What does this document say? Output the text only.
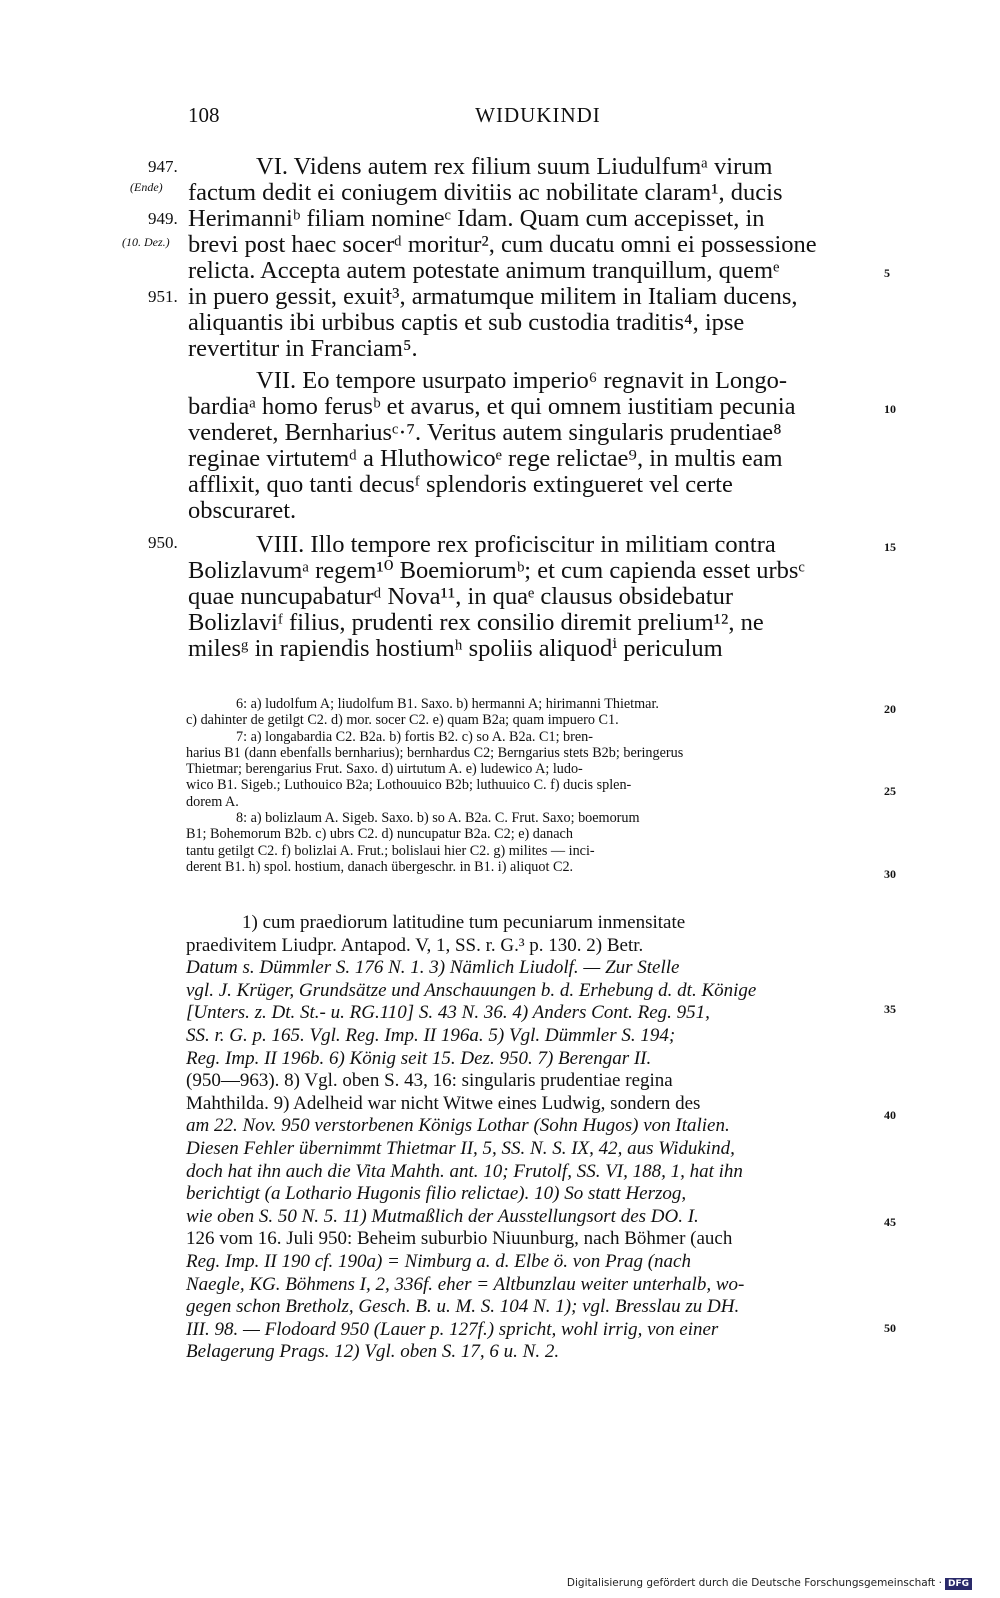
108	WIDUKINDI
947.
(Ende)
949.
(10. Dez.)
951.
950.
VI. Videns autem rex filium suum Liudulfumᵃ virum
factum dedit ei coniugem divitiis ac nobilitate claram¹, ducis
Herimanniᵇ filiam nomineᶜ Idam. Quam cum accepisset, in
brevi post haec socerᵈ moritur², cum ducatu omni ei possessione
relicta. Accepta autem potestate animum tranquillum, quemᵉ
in puero gessit, exuit³, armatumque militem in Italiam ducens,
aliquantis ibi urbibus captis et sub custodia traditis⁴, ipse
revertitur in Franciam⁵.
VII. Eo tempore usurpato imperio⁶ regnavit in Longo-
bardiaᵃ homo ferusᵇ et avarus, et qui omnem iustitiam pecunia
venderet, Bernhariusᶜ·⁷. Veritus autem singularis prudentiae⁸
reginae virtutemᵈ a Hluthowicoᵉ rege relictae⁹, in multis eam
afflixit, quo tanti decusᶠ splendoris extingueret vel certe
obscuraret.
VIII. Illo tempore rex proficiscitur in militiam contra
Bolizlavumᵃ regem¹⁰ Boemiorumᵇ; et cum capienda esset urbsᶜ
quae nuncupabaturᵈ Nova¹¹, in quaᵉ clausus obsidebatur
Bolizlaviᶠ filius, prudenti rex consilio diremit prelium¹², ne
milesᵍ in rapiendis hostiumʰ spoliis aliquodⁱ periculum
5
10
15
20
25
30
35
40
45
50

6: a) ludolfum A; liudolfum B1. Saxo. b) hermanni A; hirimanni Thietmar.

c) dahinter de getilgt C2. d) mor. socer C2. e) quam B2a; quam impuero C1.

7: a) longabardia C2. B2a. b) fortis B2. c) so A. B2a. C1; bren-

harius B1 (dann ebenfalls bernharius); bernhardus C2; Berngarius stets B2b; beringerus
Thietmar; berengarius Frut. Saxo. d) uirtutum A. e) ludewico A; ludo-
wico B1. Sigeb.; Luthouico B2a; Lothouuico B2b; luthuuico C. f) ducis splen-
dorem A.

8: a) bolizlaum A. Sigeb. Saxo. b) so A. B2a. C. Frut. Saxo; boemorum

B1; Bohemorum B2b. c) ubrs C2. d) nuncupatur B2a. C2; e) danach
tantu getilgt C2. f) bolizlai A. Frut.; bolislaui hier C2. g) milites — inci-
derent B1. h) spol. hostium, danach übergeschr. in B1. i) aliquot C2.

1) cum praediorum latitudine tum pecuniarum inmensitate

praedivitem Liudpr. Antapod. V, 1, SS. r. G.³ p. 130. 2) Betr.
Datum s. Dümmler S. 176 N. 1. 3) Nämlich Liudolf. — Zur Stelle
vgl. J. Krüger, Grundsätze und Anschauungen b. d. Erhebung d. dt. Könige
[Unters. z. Dt. St.- u. RG.110] S. 43 N. 36. 4) Anders Cont. Reg. 951,
SS. r. G. p. 165. Vgl. Reg. Imp. II 196a. 5) Vgl. Dümmler S. 194;
Reg. Imp. II 196b. 6) König seit 15. Dez. 950. 7) Berengar II.
(950—963). 8) Vgl. oben S. 43, 16: singularis prudentiae regina
Mahthilda. 9) Adelheid war nicht Witwe eines Ludwig, sondern des
am 22. Nov. 950 verstorbenen Königs Lothar (Sohn Hugos) von Italien.
Diesen Fehler übernimmt Thietmar II, 5, SS. N. S. IX, 42, aus Widukind,
doch hat ihn auch die Vita Mahth. ant. 10; Frutolf, SS. VI, 188, 1, hat ihn
berichtigt (a Lothario Hugonis filio relictae). 10) So statt Herzog,
wie oben S. 50 N. 5. 11) Mutmaßlich der Ausstellungsort des DO. I.
126 vom 16. Juli 950: Beheim suburbio Niuunburg, nach Böhmer (auch
Reg. Imp. II 190 cf. 190a) = Nimburg a. d. Elbe ö. von Prag (nach
Naegle, KG. Böhmens I, 2, 336f. eher = Altbunzlau weiter unterhalb, wo-
gegen schon Bretholz, Gesch. B. u. M. S. 104 N. 1); vgl. Bresslau zu DH.
III. 98. — Flodoard 950 (Lauer p. 127f.) spricht, wohl irrig, von einer
Belagerung Prags. 12) Vgl. oben S. 17, 6 u. N. 2.
Digitalisierung gefördert durch die Deutsche Forschungsgemeinschaft · DFG
